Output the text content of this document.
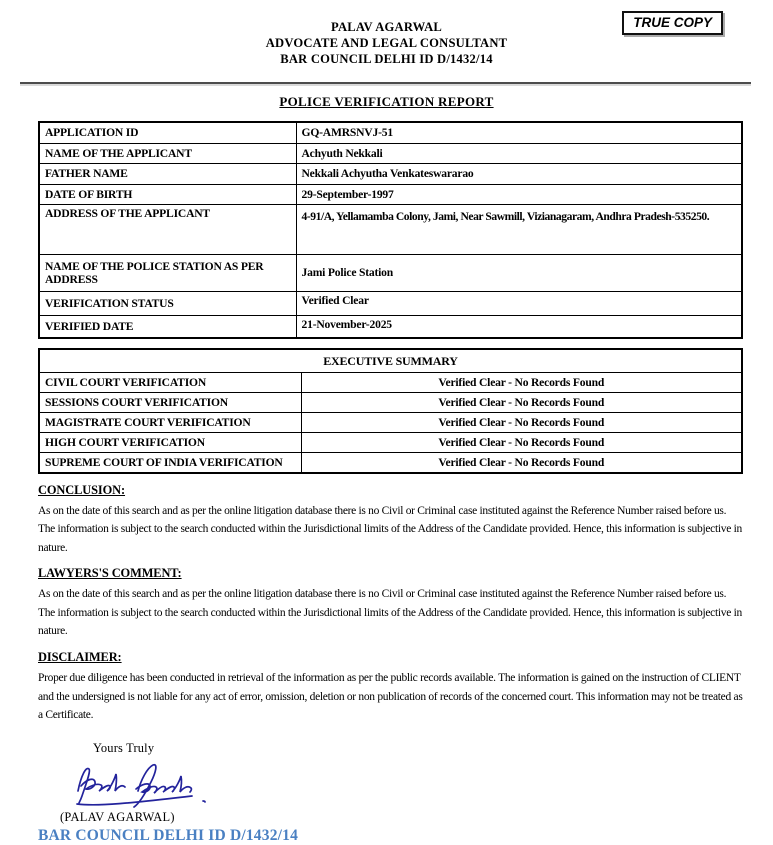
TRUE COPY
PALAV AGARWAL
ADVOCATE AND LEGAL CONSULTANT
BAR COUNCIL DELHI ID D/1432/14
POLICE VERIFICATION REPORT
APPLICATION ID	GQ-AMRSNVJ-51
NAME OF THE APPLICANT	Achyuth Nekkali
FATHER NAME	Nekkali Achyutha Venkateswararao
DATE OF BIRTH	29-September-1997
ADDRESS OF THE APPLICANT	4-91/A, Yellamamba Colony, Jami, Near Sawmill, Vizianagaram, Andhra Pradesh-535250.
NAME OF THE POLICE STATION AS PER ADDRESS	Jami Police Station
VERIFICATION STATUS	Verified Clear
VERIFIED DATE	21-November-2025
EXECUTIVE SUMMARY	
CIVIL COURT VERIFICATION	Verified Clear - No Records Found
SESSIONS COURT VERIFICATION	Verified Clear - No Records Found
MAGISTRATE COURT VERIFICATION	Verified Clear - No Records Found
HIGH COURT VERIFICATION	Verified Clear - No Records Found
SUPREME COURT OF INDIA VERIFICATION	Verified Clear - No Records Found
CONCLUSION:
As on the date of this search and as per the online litigation database there is no Civil or Criminal case instituted against the Reference Number raised before us. The information is subject to the search conducted within the Jurisdictional limits of the Address of the Candidate provided. Hence, this information is subjective in nature.
LAWYERS'S COMMENT:
As on the date of this search and as per the online litigation database there is no Civil or Criminal case instituted against the Reference Number raised before us. The information is subject to the search conducted within the Jurisdictional limits of the Address of the Candidate provided. Hence, this information is subjective in nature.
DISCLAIMER:
Proper due diligence has been conducted in retrieval of the information as per the public records available. The information is gained on the instruction of CLIENT and the undersigned is not liable for any act of error, omission, deletion or non publication of records of the concerned court. This information may not be treated as a Certificate.
Yours Truly
(PALAV AGARWAL)
BAR COUNCIL DELHI ID D/1432/14
